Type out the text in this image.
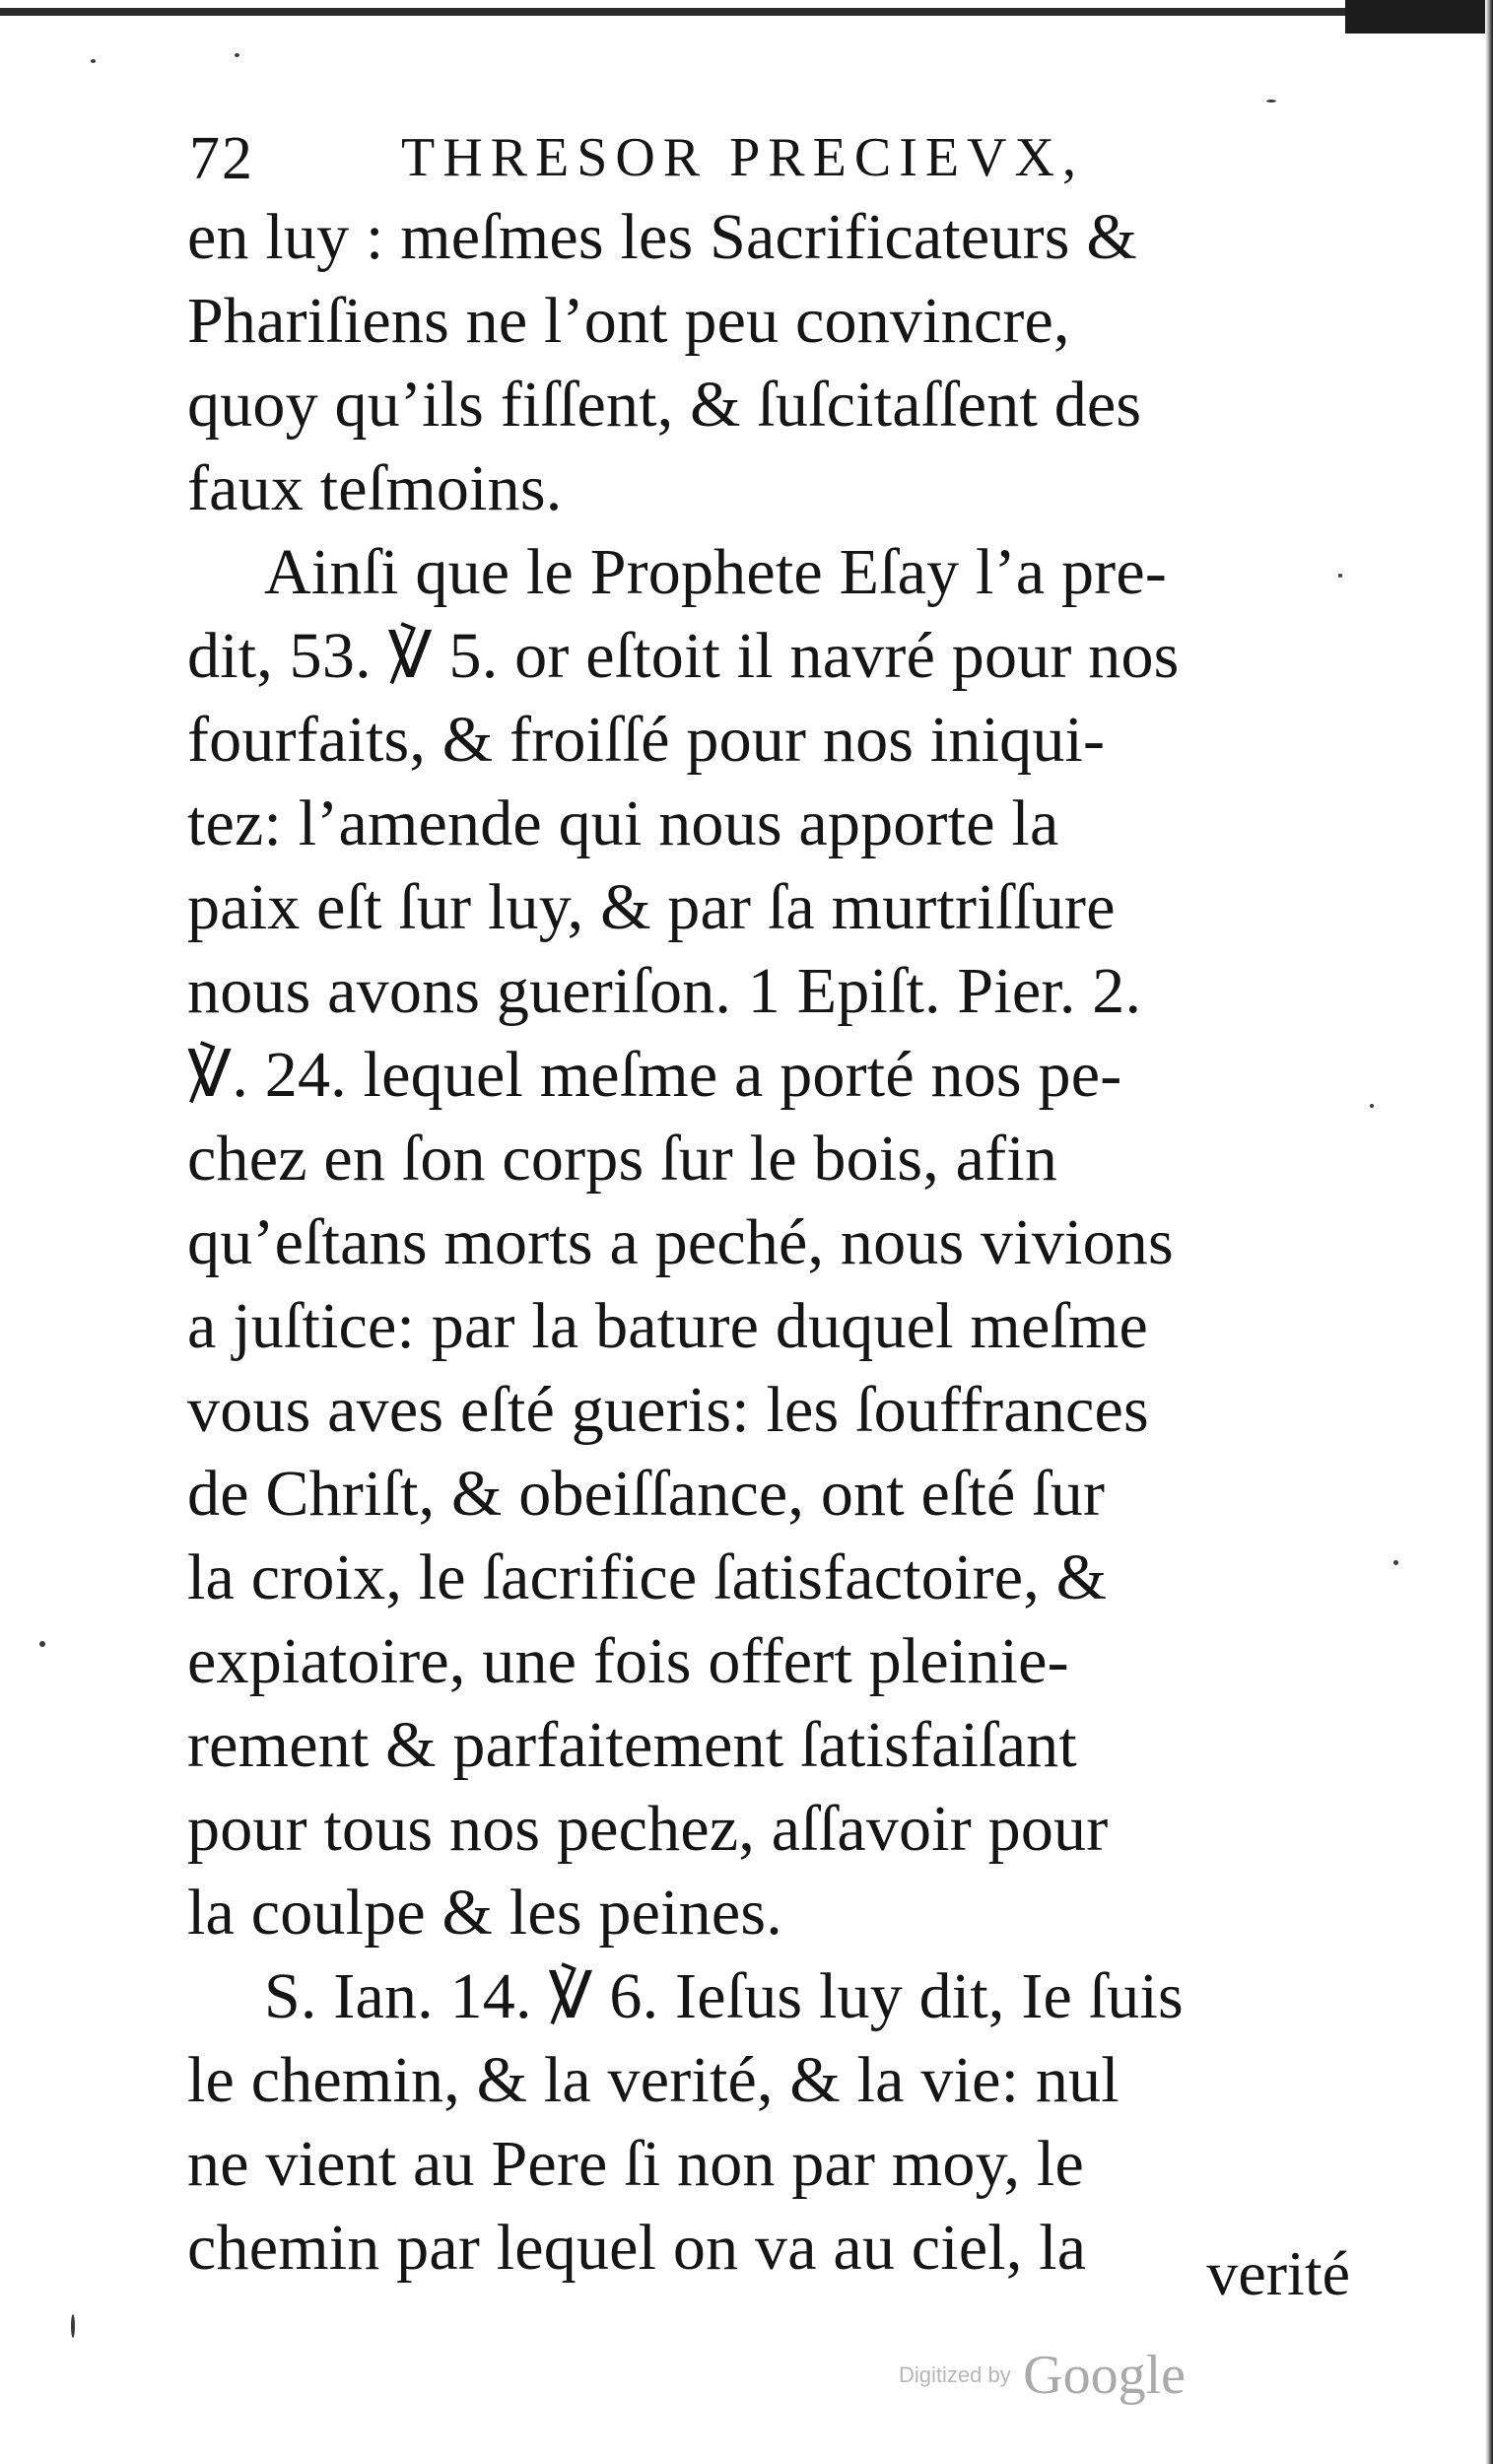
72	THRESOR PRECIEVX,
en luy : meſmes les Sacrificateurs &
Phariſiens ne l’ont peu convincre,
quoy qu’ils fiſſent, & ſuſcitaſſent des
faux teſmoins.
Ainſi que le Prophete Eſay l’a pre-
dit, 53. ℣ 5. or eſtoit il navré pour nos
fourfaits, & froiſſé pour nos iniqui-
tez: l’amende qui nous apporte la
paix eſt ſur luy, & par ſa murtriſſure
nous avons gueriſon. 1 Epiſt. Pier. 2.
℣. 24. lequel meſme a porté nos pe-
chez en ſon corps ſur le bois, afin
qu’eſtans morts a peché, nous vivions
a juſtice: par la bature duquel meſme
vous aves eſté gueris: les ſouffrances
de Chriſt, & obeiſſance, ont eſté ſur
la croix, le ſacrifice ſatisfactoire, &
expiatoire, une fois offert pleinie-
rement & parfaitement ſatisfaiſant
pour tous nos pechez, aſſavoir pour
la coulpe & les peines.
S. Ian. 14. ℣ 6. Ieſus luy dit, Ie ſuis
le chemin, & la verité, & la vie: nul
ne vient au Pere ſi non par moy, le
chemin par lequel on va au ciel, la	verité
Digitized by Google
